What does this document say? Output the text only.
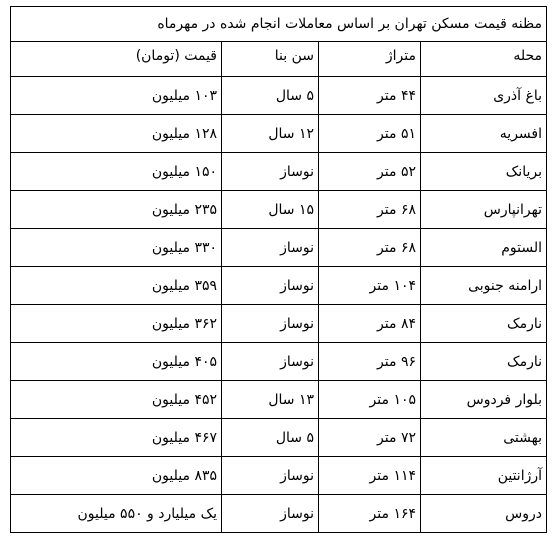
مظنه قیمت مسکن تهران بر اساس معاملات انجام شده در مهرماه			
محله	متراژ	سن بنا	قیمت (تومان)
باغ آذری	۴۴ متر	۵ سال	۱۰۳ میلیون
افسریه	۵۱ متر	۱۲ سال	۱۲۸ میلیون
بریانک	۵۲ متر	نوساز	۱۵۰ میلیون
تهرانپارس	۶۸ متر	۱۵ سال	۲۳۵ میلیون
الستوم	۶۸ متر	نوساز	۳۳۰ میلیون
ارامنه جنوبی	۱۰۴ متر	نوساز	۳۵۹ میلیون
نارمک	۸۴ متر	نوساز	۳۶۲ میلیون
نارمک	۹۶ متر	نوساز	۴۰۵ میلیون
بلوار فردوس	۱۰۵ متر	۱۳ سال	۴۵۲ میلیون
بهشتی	۷۲ متر	۵ سال	۴۶۷ میلیون
آرژانتین	۱۱۴ متر	نوساز	۸۳۵ میلیون
دروس	۱۶۴ متر	نوساز	یک میلیارد و ۵۵۰ میلیون
